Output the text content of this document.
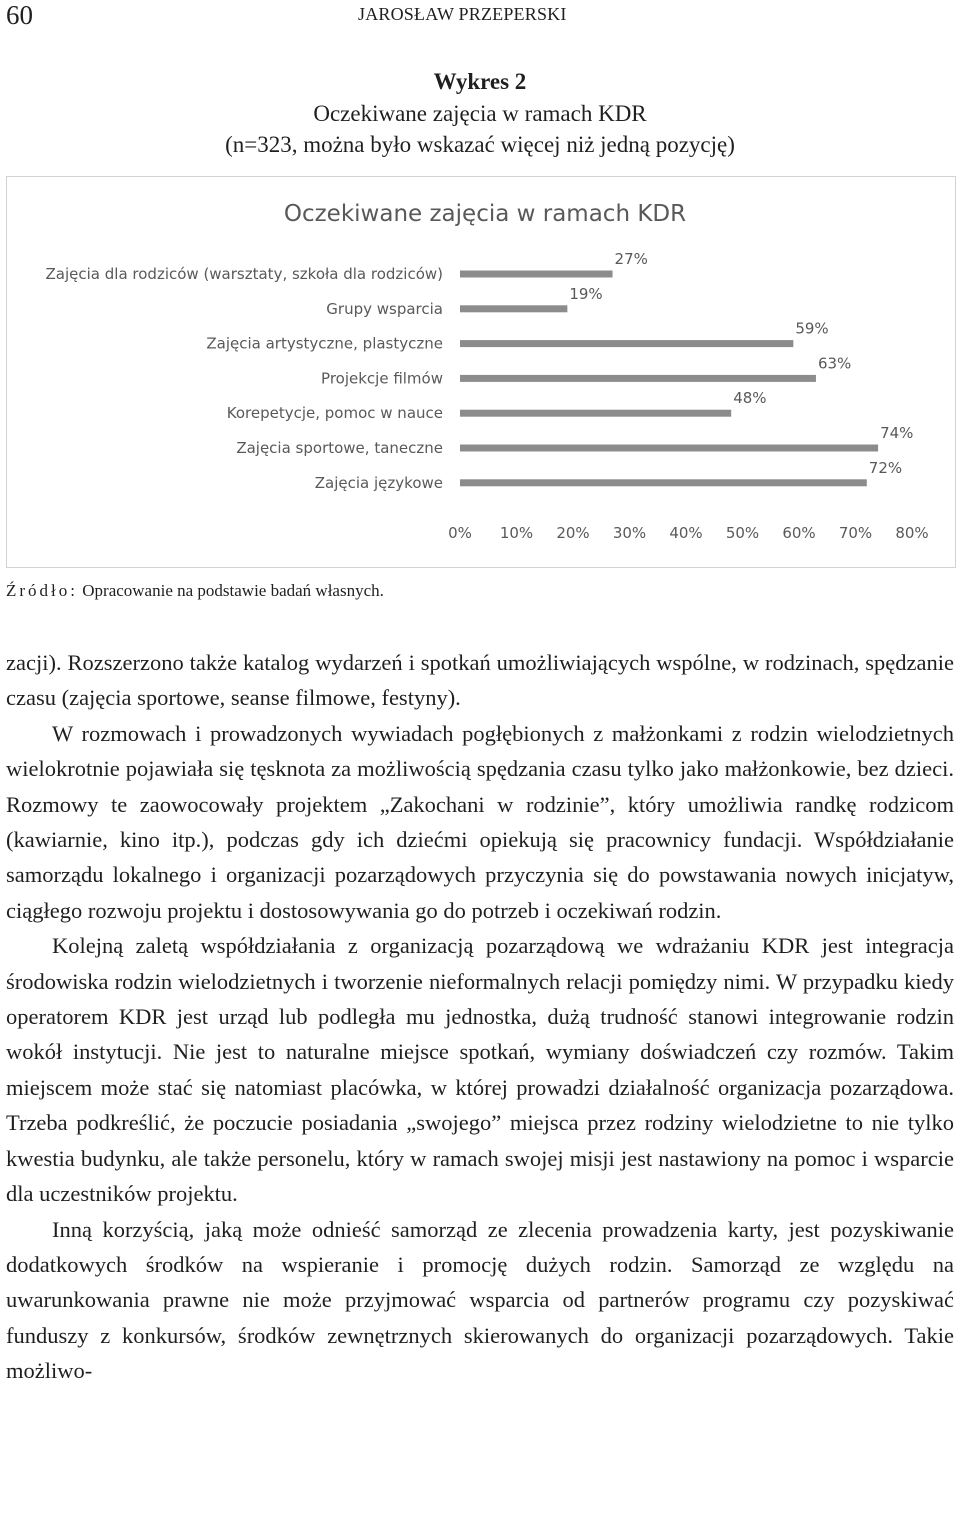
60	JAROSŁAW PRZEPERSKI
Wykres 2
Oczekiwane zajęcia w ramach KDR
(n=323, można było wskazać więcej niż jedną pozycję)
Oczekiwane zajęcia w ramach KDR
Zajęcia dla rodziców (warsztaty, szkoła dla rodziców)
27%
Grupy wsparcia
19%
Zajęcia artystyczne, plastyczne
59%
Projekcje filmów
63%
Korepetycje, pomoc w nauce
48%
Zajęcia sportowe, taneczne
74%
Zajęcia językowe
72%
0% 10% 20% 30% 40% 50% 60% 70% 80%
Źródło: Opracowanie na podstawie badań własnych.

zacji). Rozszerzono także katalog wydarzeń i spotkań umożliwiających wspólne, w rodzinach, spędzanie czasu (zajęcia sportowe, seanse filmowe, festyny).

W rozmowach i prowadzonych wywiadach pogłębionych z małżonkami z rodzin wielodzietnych wielokrotnie pojawiała się tęsknota za możliwością spędzania czasu tylko jako małżonkowie, bez dzieci. Rozmowy te zaowocowały projektem „Zakochani w rodzinie”, który umożliwia randkę rodzicom (kawiarnie, kino itp.), podczas gdy ich dziećmi opiekują się pracownicy fundacji. Współdziałanie samorządu lokalnego i organizacji pozarządowych przyczynia się do powstawania nowych inicjatyw, ciągłego rozwoju projektu i dostosowywania go do potrzeb i oczekiwań rodzin.

Kolejną zaletą współdziałania z organizacją pozarządową we wdrażaniu KDR jest integracja środowiska rodzin wielodzietnych i tworzenie nieformalnych relacji pomiędzy nimi. W przypadku kiedy operatorem KDR jest urząd lub podległa mu jednostka, dużą trudność stanowi integrowanie rodzin wokół instytucji. Nie jest to naturalne miejsce spotkań, wymiany doświadczeń czy rozmów. Takim miejscem może stać się natomiast placówka, w której prowadzi działalność organizacja pozarządowa. Trzeba podkreślić, że poczucie posiadania „swojego” miejsca przez rodziny wielodzietne to nie tylko kwestia budynku, ale także personelu, który w ramach swojej misji jest nastawiony na pomoc i wsparcie dla uczestników projektu.

Inną korzyścią, jaką może odnieść samorząd ze zlecenia prowadzenia karty, jest pozyskiwanie dodatkowych środków na wspieranie i promocję dużych rodzin. Samorząd ze względu na uwarunkowania prawne nie może przyjmować wsparcia od partnerów programu czy pozyskiwać funduszy z konkursów, środków zewnętrznych skierowanych do organizacji pozarządowych. Takie możliwo-
